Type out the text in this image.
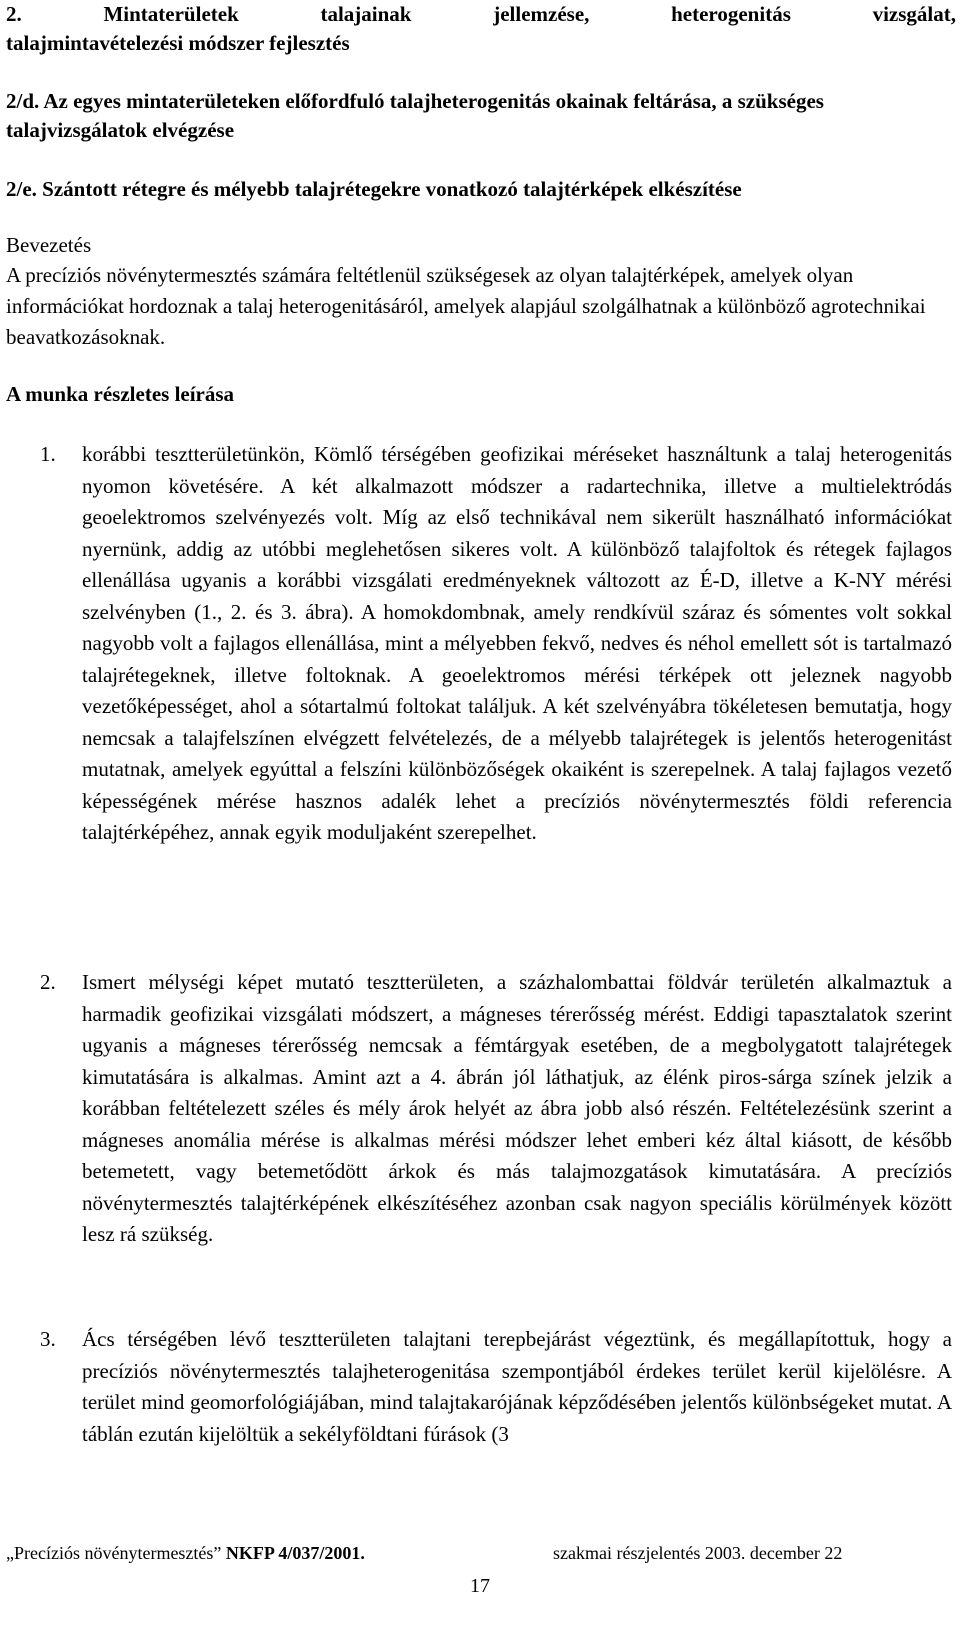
2. Mintaterületek talajainak jellemzése, heterogenitás vizsgálat,

talajmintavételezési módszer fejlesztés

2/d. Az egyes mintaterületeken előfordfuló talajheterogenitás okainak feltárása, a szükséges talajvizsgálatok elvégzése

2/e. Szántott rétegre és mélyebb talajrétegekre vonatkozó talajtérképek elkészítése

Bevezetés

A precíziós növénytermesztés számára feltétlenül szükségesek az olyan talajtérképek, amelyek olyan információkat hordoznak a talaj heterogenitásáról, amelyek alapjául szolgálhatnak a különböző agrotechnikai beavatkozásoknak.

A munka részletes leírása

1.	korábbi tesztterületünkön, Kömlő térségében geofizikai méréseket használtunk a talaj heterogenitás nyomon követésére. A két alkalmazott módszer a radartechnika, illetve a multielektródás geoelektromos szelvényezés volt. Míg az első technikával nem sikerült használható információkat nyernünk, addig az utóbbi meglehetősen sikeres volt. A különböző talajfoltok és rétegek fajlagos ellenállása ugyanis a korábbi vizsgálati eredményeknek változott az É-D, illetve a K-NY mérési szelvényben (1., 2. és 3. ábra). A homokdombnak, amely rendkívül száraz és sómentes volt sokkal nagyobb volt a fajlagos ellenállása, mint a mélyebben fekvő, nedves és néhol emellett sót is tartalmazó talajrétegeknek, illetve foltoknak. A geoelektromos mérési térképek ott jeleznek nagyobb vezetőképességet, ahol a sótartalmú foltokat találjuk. A két szelvényábra tökéletesen bemutatja, hogy nemcsak a talajfelszínen elvégzett felvételezés, de a mélyebb talajrétegek is jelentős heterogenitást mutatnak, amelyek egyúttal a felszíni különbözőségek okaiként is szerepelnek. A talaj fajlagos vezető képességének mérése hasznos adalék lehet a precíziós növénytermesztés földi referencia talajtérképéhez, annak egyik moduljaként szerepelhet.

2.	Ismert mélységi képet mutató tesztterületen, a százhalombattai földvár területén alkalmaztuk a harmadik geofizikai vizsgálati módszert, a mágneses térerősség mérést. Eddigi tapasztalatok szerint ugyanis a mágneses térerősség nemcsak a fémtárgyak esetében, de a megbolygatott talajrétegek kimutatására is alkalmas. Amint azt a 4. ábrán jól láthatjuk, az élénk piros-sárga színek jelzik a korábban feltételezett széles és mély árok helyét az ábra jobb alsó részén. Feltételezésünk szerint a mágneses anomália mérése is alkalmas mérési módszer lehet emberi kéz által kiásott, de később betemetett, vagy betemetődött árkok és más talajmozgatások kimutatására. A precíziós növénytermesztés talajtérképének elkészítéséhez azonban csak nagyon speciális körülmények között lesz rá szükség.

3.	Ács térségében lévő tesztterületen talajtani terepbejárást végeztünk, és megállapítottuk, hogy a precíziós növénytermesztés talajheterogenitása szempontjából érdekes terület kerül kijelölésre. A terület mind geomorfológiájában, mind talajtakarójának képződésében jelentős különbségeket mutat. A táblán ezután kijelöltük a sekélyföldtani fúrások (3

„Precíziós növénytermesztés” NKFP 4/037/2001.	szakmai részjelentés 2003. december 22
17
